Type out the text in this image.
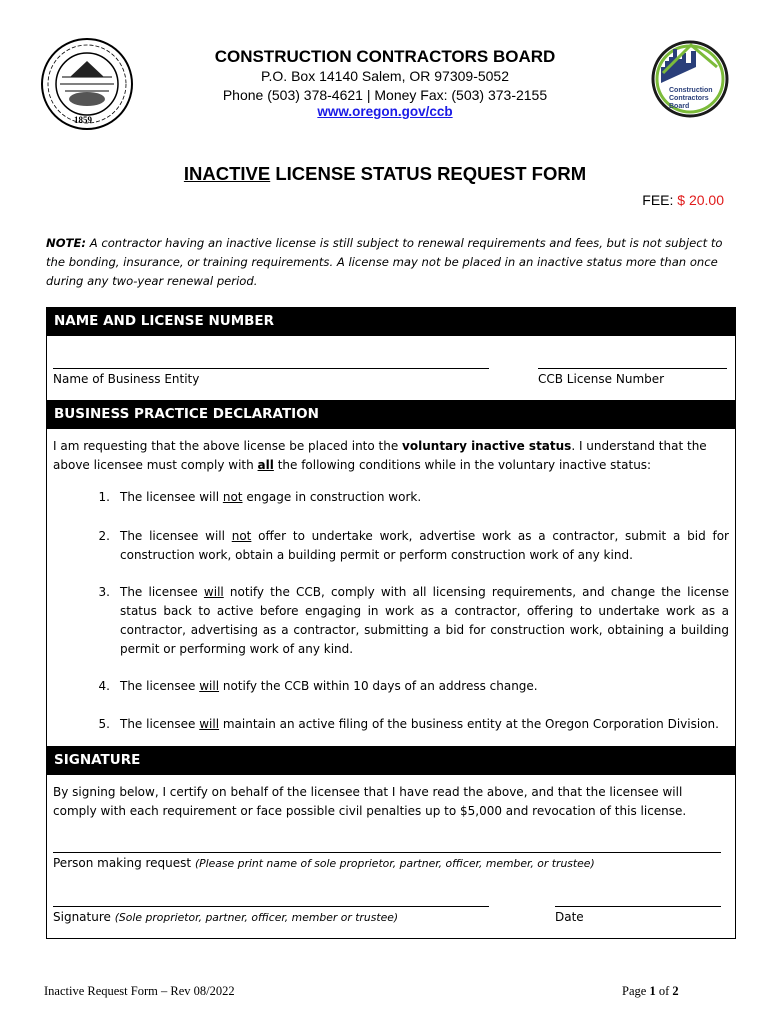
1859
Construction
Contractors
Board
CONSTRUCTION CONTRACTORS BOARD
P.O. Box 14140 Salem, OR 97309-5052
Phone (503) 378-4621 | Money Fax: (503) 373-2155
www.oregon.gov/ccb
INACTIVE LICENSE STATUS REQUEST FORM
FEE: $ 20.00
NOTE: A contractor having an inactive license is still subject to renewal requirements and fees, but is not subject to the bonding, insurance, or training requirements. A license may not be placed in an inactive status more than once during any two-year renewal period.
NAME AND LICENSE NUMBER
Name of Business Entity	CCB License Number
BUSINESS PRACTICE DECLARATION
I am requesting that the above license be placed into the voluntary inactive status. I understand that the above licensee must comply with all the following conditions while in the voluntary inactive status:
1. The licensee will not engage in construction work.
2. The licensee will not offer to undertake work, advertise work as a contractor, submit a bid for construction work, obtain a building permit or perform construction work of any kind.
3. The licensee will notify the CCB, comply with all licensing requirements, and change the license status back to active before engaging in work as a contractor, offering to undertake work as a contractor, advertising as a contractor, submitting a bid for construction work, obtaining a building permit or performing work of any kind.
4. The licensee will notify the CCB within 10 days of an address change.
5. The licensee will maintain an active filing of the business entity at the Oregon Corporation Division.
SIGNATURE
By signing below, I certify on behalf of the licensee that I have read the above, and that the licensee will comply with each requirement or face possible civil penalties up to $5,000 and revocation of this license.
Person making request (Please print name of sole proprietor, partner, officer, member, or trustee)
Signature (Sole proprietor, partner, officer, member or trustee)	Date
Inactive Request Form – Rev 08/2022	Page 1 of 2
